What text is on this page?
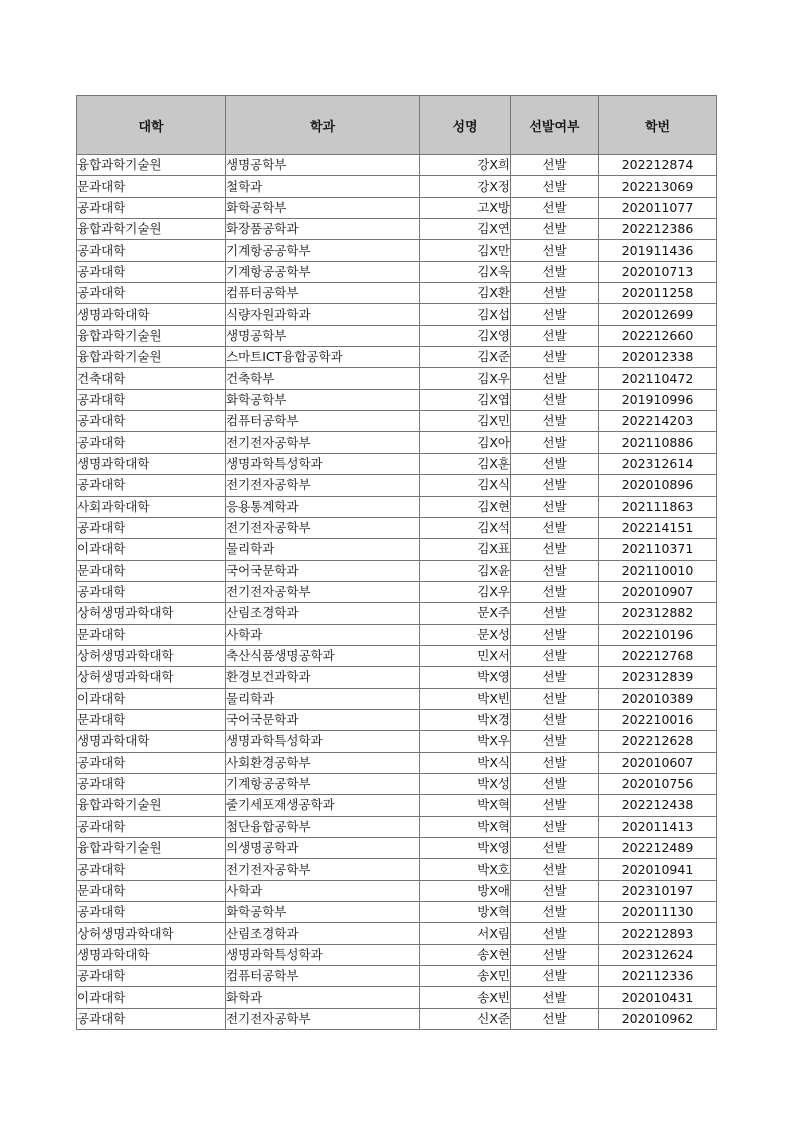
대학	학과	성명	선발여부	학번
융합과학기술원	생명공학부	강X희	선발	202212874
문과대학	철학과	강X정	선발	202213069
공과대학	화학공학부	고X방	선발	202011077
융합과학기술원	화장품공학과	김X연	선발	202212386
공과대학	기계항공공학부	김X만	선발	201911436
공과대학	기계항공공학부	김X욱	선발	202010713
공과대학	컴퓨터공학부	김X환	선발	202011258
생명과학대학	식량자원과학과	김X섭	선발	202012699
융합과학기술원	생명공학부	김X영	선발	202212660
융합과학기술원	스마트ICT융합공학과	김X준	선발	202012338
건축대학	건축학부	김X우	선발	202110472
공과대학	화학공학부	김X엽	선발	201910996
공과대학	컴퓨터공학부	김X민	선발	202214203
공과대학	전기전자공학부	김X아	선발	202110886
생명과학대학	생명과학특성학과	김X훈	선발	202312614
공과대학	전기전자공학부	김X식	선발	202010896
사회과학대학	응용통계학과	김X현	선발	202111863
공과대학	전기전자공학부	김X석	선발	202214151
이과대학	물리학과	김X표	선발	202110371
문과대학	국어국문학과	김X윤	선발	202110010
공과대학	전기전자공학부	김X우	선발	202010907
상허생명과학대학	산림조경학과	문X주	선발	202312882
문과대학	사학과	문X성	선발	202210196
상허생명과학대학	축산식품생명공학과	민X서	선발	202212768
상허생명과학대학	환경보건과학과	박X영	선발	202312839
이과대학	물리학과	박X빈	선발	202010389
문과대학	국어국문학과	박X경	선발	202210016
생명과학대학	생명과학특성학과	박X우	선발	202212628
공과대학	사회환경공학부	박X식	선발	202010607
공과대학	기계항공공학부	박X성	선발	202010756
융합과학기술원	줄기세포재생공학과	박X혁	선발	202212438
공과대학	첨단융합공학부	박X혁	선발	202011413
융합과학기술원	의생명공학과	박X영	선발	202212489
공과대학	전기전자공학부	박X호	선발	202010941
문과대학	사학과	방X애	선발	202310197
공과대학	화학공학부	방X혁	선발	202011130
상허생명과학대학	산림조경학과	서X림	선발	202212893
생명과학대학	생명과학특성학과	송X현	선발	202312624
공과대학	컴퓨터공학부	송X민	선발	202112336
이과대학	화학과	송X빈	선발	202010431
공과대학	전기전자공학부	신X준	선발	202010962
